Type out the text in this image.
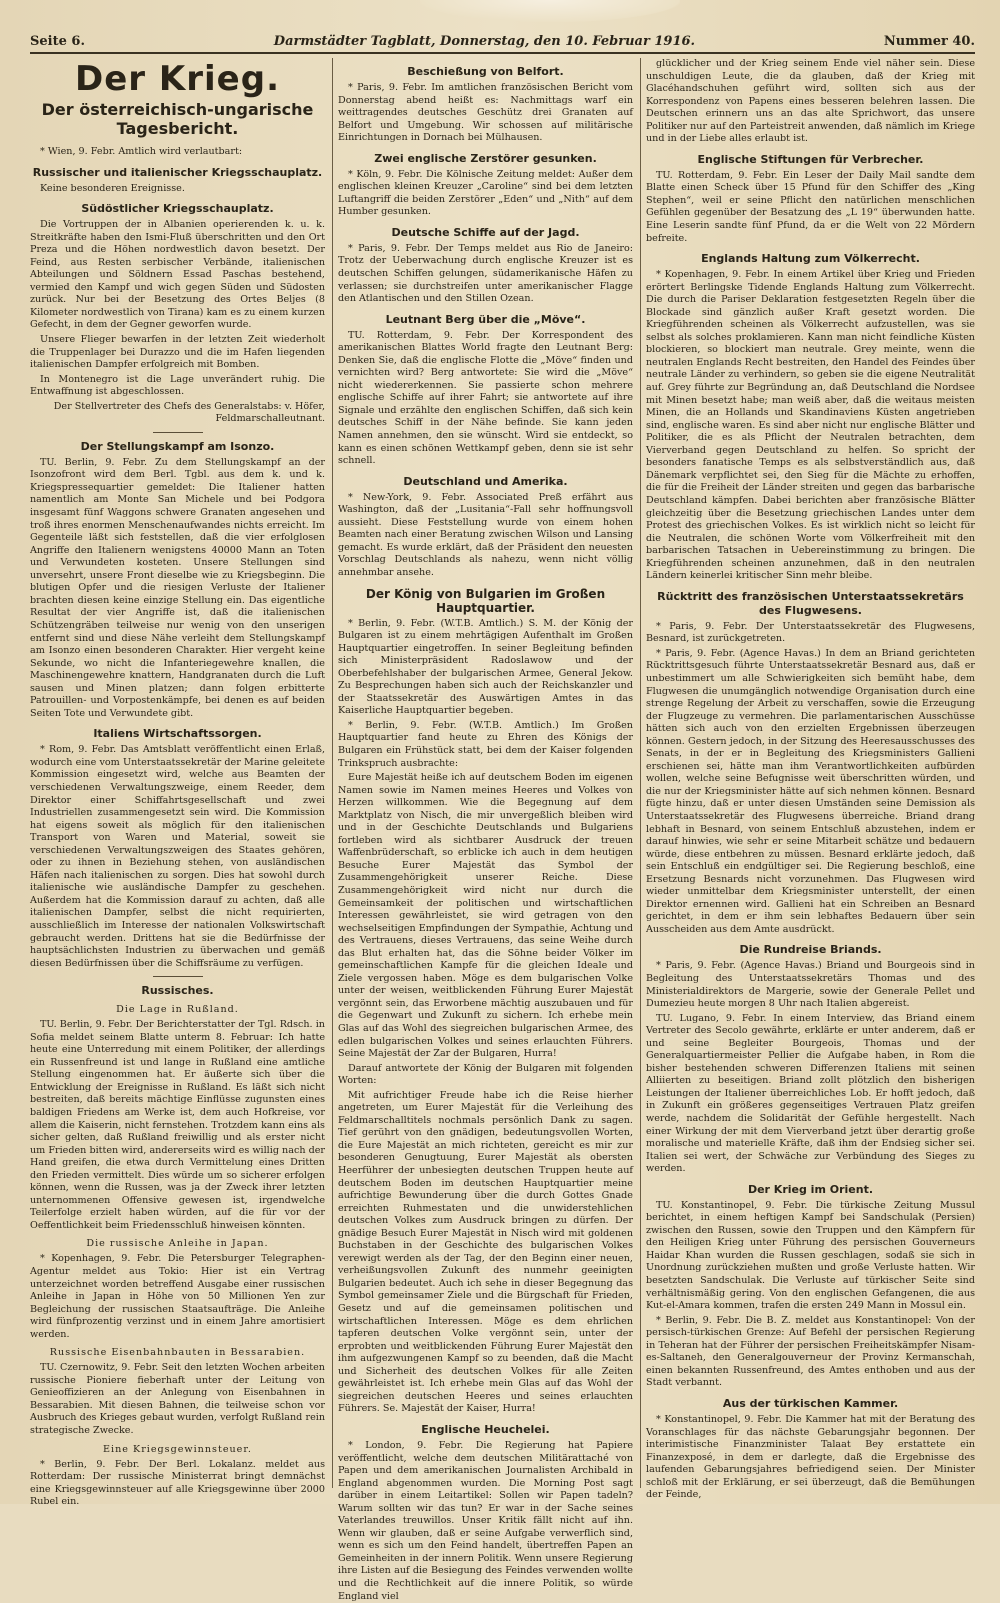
Seite 6.	Darmstädter Tagblatt, Donnerstag, den 10. Februar 1916.	Nummer 40.
Der Krieg.
Der österreichisch-ungarische Tagesbericht.

* Wien, 9. Febr. Amtlich wird verlautbart:

Russischer und italienischer Kriegsschauplatz.

Keine besonderen Ereignisse.

Südöstlicher Kriegsschauplatz.

Die Vortruppen der in Albanien operierenden k. u. k. Streitkräfte haben den Ismi-Fluß überschritten und den Ort Preza und die Höhen nordwestlich davon besetzt. Der Feind, aus Resten serbischer Verbände, italienischen Abteilungen und Söldnern Essad Paschas bestehend, vermied den Kampf und wich gegen Süden und Südosten zurück. Nur bei der Besetzung des Ortes Beljes (8 Kilometer nordwestlich von Tirana) kam es zu einem kurzen Gefecht, in dem der Gegner geworfen wurde.

Unsere Flieger bewarfen in der letzten Zeit wiederholt die Truppenlager bei Durazzo und die im Hafen liegenden italienischen Dampfer erfolgreich mit Bomben.

In Montenegro ist die Lage unverändert ruhig. Die Entwaffnung ist abgeschlossen.

Der Stellvertreter des Chefs des Generalstabs: v. Höfer, Feldmarschalleutnant.

Der Stellungskampf am Isonzo.

TU. Berlin, 9. Febr. Zu dem Stellungskampf an der Isonzofront wird dem Berl. Tgbl. aus dem k. und k. Kriegspressequartier gemeldet: Die Italiener hatten namentlich am Monte San Michele und bei Podgora insgesamt fünf Waggons schwere Granaten angesehen und troß ihres enormen Menschenaufwandes nichts erreicht. Im Gegenteile läßt sich feststellen, daß die vier erfolglosen Angriffe den Italienern wenigstens 40000 Mann an Toten und Verwundeten kosteten. Unsere Stellungen sind unversehrt, unsere Front dieselbe wie zu Kriegsbeginn. Die blutigen Opfer und die riesigen Verluste der Italiener brachten diesen keine einzige Stellung ein. Das eigentliche Resultat der vier Angriffe ist, daß die italienischen Schützengräben teilweise nur wenig von den unserigen entfernt sind und diese Nähe verleiht dem Stellungskampf am Isonzo einen besonderen Charakter. Hier vergeht keine Sekunde, wo nicht die Infanteriegewehre knallen, die Maschinengewehre knattern, Handgranaten durch die Luft sausen und Minen platzen; dann folgen erbitterte Patrouillen- und Vorpostenkämpfe, bei denen es auf beiden Seiten Tote und Verwundete gibt.

Italiens Wirtschaftssorgen.

* Rom, 9. Febr. Das Amtsblatt veröffentlicht einen Erlaß, wodurch eine vom Unterstaatssekretär der Marine geleitete Kommission eingesetzt wird, welche aus Beamten der verschiedenen Verwaltungszweige, einem Reeder, dem Direktor einer Schiffahrtsgesellschaft und zwei Industriellen zusammengesetzt sein wird. Die Kommission hat eigens soweit als möglich für den italienischen Transport von Waren und Material, soweit sie verschiedenen Verwaltungszweigen des Staates gehören, oder zu ihnen in Beziehung stehen, von ausländischen Häfen nach italienischen zu sorgen. Dies hat sowohl durch italienische wie ausländische Dampfer zu geschehen. Außerdem hat die Kommission darauf zu achten, daß alle italienischen Dampfer, selbst die nicht requirierten, ausschließlich im Interesse der nationalen Volkswirtschaft gebraucht werden. Drittens hat sie die Bedürfnisse der hauptsächlichsten Industrien zu überwachen und gemäß diesen Bedürfnissen über die Schiffsräume zu verfügen.

Russisches.
Die Lage in Rußland.

TU. Berlin, 9. Febr. Der Berichterstatter der Tgl. Rdsch. in Sofia meldet seinem Blatte unterm 8. Februar: Ich hatte heute eine Unterredung mit einem Politiker, der allerdings ein Russenfreund ist und lange in Rußland eine amtliche Stellung eingenommen hat. Er äußerte sich über die Entwicklung der Ereignisse in Rußland. Es läßt sich nicht bestreiten, daß bereits mächtige Einflüsse zugunsten eines baldigen Friedens am Werke ist, dem auch Hofkreise, vor allem die Kaiserin, nicht fernstehen. Trotzdem kann eins als sicher gelten, daß Rußland freiwillig und als erster nicht um Frieden bitten wird, andererseits wird es willig nach der Hand greifen, die etwa durch Vermittelung eines Dritten den Frieden vermittelt. Dies würde um so sicherer erfolgen können, wenn die Russen, was ja der Zweck ihrer letzten unternommenen Offensive gewesen ist, irgendwelche Teilerfolge erzielt haben würden, auf die für vor der Oeffentlichkeit beim Friedensschluß hinweisen könnten.

Die russische Anleihe in Japan.

* Kopenhagen, 9. Febr. Die Petersburger Telegraphen-Agentur meldet aus Tokio: Hier ist ein Vertrag unterzeichnet worden betreffend Ausgabe einer russischen Anleihe in Japan in Höhe von 50 Millionen Yen zur Begleichung der russischen Staatsaufträge. Die Anleihe wird fünfprozentig verzinst und in einem Jahre amortisiert werden.

Russische Eisenbahnbauten in Bessarabien.

TU. Czernowitz, 9. Febr. Seit den letzten Wochen arbeiten russische Pioniere fieberhaft unter der Leitung von Genieoffizieren an der Anlegung von Eisenbahnen in Bessarabien. Mit diesen Bahnen, die teilweise schon vor Ausbruch des Krieges gebaut wurden, verfolgt Rußland rein strategische Zwecke.

Eine Kriegsgewinnsteuer.

* Berlin, 9. Febr. Der Berl. Lokalanz. meldet aus Rotterdam: Der russische Ministerrat bringt demnächst eine Kriegsgewinnsteuer auf alle Kriegsgewinne über 2000 Rubel ein.

Beschießung von Belfort.

* Paris, 9. Febr. Im amtlichen französischen Bericht vom Donnerstag abend heißt es: Nachmittags warf ein weittragendes deutsches Geschütz drei Granaten auf Belfort und Umgebung. Wir schossen auf militärische Einrichtungen in Dornach bei Mülhausen.

Zwei englische Zerstörer gesunken.

* Köln, 9. Febr. Die Kölnische Zeitung meldet: Außer dem englischen kleinen Kreuzer „Caroline“ sind bei dem letzten Luftangriff die beiden Zerstörer „Eden“ und „Nith“ auf dem Humber gesunken.

Deutsche Schiffe auf der Jagd.

* Paris, 9. Febr. Der Temps meldet aus Rio de Janeiro: Trotz der Ueberwachung durch englische Kreuzer ist es deutschen Schiffen gelungen, südamerikanische Häfen zu verlassen; sie durchstreifen unter amerikanischer Flagge den Atlantischen und den Stillen Ozean.

Leutnant Berg über die „Möve“.

TU. Rotterdam, 9. Febr. Der Korrespondent des amerikanischen Blattes World fragte den Leutnant Berg: Denken Sie, daß die englische Flotte die „Möve“ finden und vernichten wird? Berg antwortete: Sie wird die „Möve“ nicht wiedererkennen. Sie passierte schon mehrere englische Schiffe auf ihrer Fahrt; sie antwortete auf ihre Signale und erzählte den englischen Schiffen, daß sich kein deutsches Schiff in der Nähe befinde. Sie kann jeden Namen annehmen, den sie wünscht. Wird sie entdeckt, so kann es einen schönen Wettkampf geben, denn sie ist sehr schnell.

Deutschland und Amerika.

* New-York, 9. Febr. Associated Preß erfährt aus Washington, daß der „Lusitania“-Fall sehr hoffnungsvoll aussieht. Diese Feststellung wurde von einem hohen Beamten nach einer Beratung zwischen Wilson und Lansing gemacht. Es wurde erklärt, daß der Präsident den neuesten Vorschlag Deutschlands als nahezu, wenn nicht völlig annehmbar ansehe.

Der König von Bulgarien im Großen Hauptquartier.

* Berlin, 9. Febr. (W.T.B. Amtlich.) S. M. der König der Bulgaren ist zu einem mehrtägigen Aufenthalt im Großen Hauptquartier eingetroffen. In seiner Begleitung befinden sich Ministerpräsident Radoslawow und der Oberbefehlshaber der bulgarischen Armee, General Jekow. Zu Besprechungen haben sich auch der Reichskanzler und der Staatssekretär des Auswärtigen Amtes in das Kaiserliche Hauptquartier begeben.

* Berlin, 9. Febr. (W.T.B. Amtlich.) Im Großen Hauptquartier fand heute zu Ehren des Königs der Bulgaren ein Frühstück statt, bei dem der Kaiser folgenden Trinkspruch ausbrachte:

Eure Majestät heiße ich auf deutschem Boden im eigenen Namen sowie im Namen meines Heeres und Volkes von Herzen willkommen. Wie die Begegnung auf dem Marktplatz von Nisch, die mir unvergeßlich bleiben wird und in der Geschichte Deutschlands und Bulgariens fortleben wird als sichtbarer Ausdruck der treuen Waffenbrüderschaft, so erblicke ich auch in dem heutigen Besuche Eurer Majestät das Symbol der Zusammengehörigkeit unserer Reiche. Diese Zusammengehörigkeit wird nicht nur durch die Gemeinsamkeit der politischen und wirtschaftlichen Interessen gewährleistet, sie wird getragen von den wechselseitigen Empfindungen der Sympathie, Achtung und des Vertrauens, dieses Vertrauens, das seine Weihe durch das Blut erhalten hat, das die Söhne beider Völker im gemeinschaftlichen Kampfe für die gleichen Ideale und Ziele vergossen haben. Möge es dem bulgarischen Volke unter der weisen, weitblickenden Führung Eurer Majestät vergönnt sein, das Erworbene mächtig auszubauen und für die Gegenwart und Zukunft zu sichern. Ich erhebe mein Glas auf das Wohl des siegreichen bulgarischen Armee, des edlen bulgarischen Volkes und seines erlauchten Führers. Seine Majestät der Zar der Bulgaren, Hurra!

Darauf antwortete der König der Bulgaren mit folgenden Worten:

Mit aufrichtiger Freude habe ich die Reise hierher angetreten, um Eurer Majestät für die Verleihung des Feldmarschalltitels nochmals persönlich Dank zu sagen. Tief gerührt von den gnädigen, bedeutungsvollen Worten, die Eure Majestät an mich richteten, gereicht es mir zur besonderen Genugtuung, Eurer Majestät als obersten Heerführer der unbesiegten deutschen Truppen heute auf deutschem Boden im deutschen Hauptquartier meine aufrichtige Bewunderung über die durch Gottes Gnade erreichten Ruhmestaten und die unwiderstehlichen deutschen Volkes zum Ausdruck bringen zu dürfen. Der gnädige Besuch Eurer Majestät in Nisch wird mit goldenen Buchstaben in der Geschichte des bulgarischen Volkes verewigt werden als der Tag, der den Beginn einer neuen, verheißungsvollen Zukunft des nunmehr geeinigten Bulgarien bedeutet. Auch ich sehe in dieser Begegnung das Symbol gemeinsamer Ziele und die Bürgschaft für Frieden, Gesetz und auf die gemeinsamen politischen und wirtschaftlichen Interessen. Möge es dem ehrlichen tapferen deutschen Volke vergönnt sein, unter der erprobten und weitblickenden Führung Eurer Majestät den ihm aufgezwungenen Kampf so zu beenden, daß die Macht und Sicherheit des deutschen Volkes für alle Zeiten gewährleistet ist. Ich erhebe mein Glas auf das Wohl der siegreichen deutschen Heeres und seines erlauchten Führers. Se. Majestät der Kaiser, Hurra!

Englische Heuchelei.

* London, 9. Febr. Die Regierung hat Papiere veröffentlicht, welche dem deutschen Militärattaché von Papen und dem amerikanischen Journalisten Archibald in England abgenommen wurden. Die Morning Post sagt darüber in einem Leitartikel: Sollen wir Papen tadeln? Warum sollten wir das tun? Er war in der Sache seines Vaterlandes treuwillos. Unser Kritik fällt nicht auf ihn. Wenn wir glauben, daß er seine Aufgabe verwerflich sind, wenn es sich um den Feind handelt, übertreffen Papen an Gemeinheiten in der innern Politik. Wenn unsere Regierung ihre Listen auf die Besiegung des Feindes verwenden wollte und die Rechtlichkeit auf die innere Politik, so würde England viel

glücklicher und der Krieg seinem Ende viel näher sein. Diese unschuldigen Leute, die da glauben, daß der Krieg mit Glacéhandschuhen geführt wird, sollten sich aus der Korrespondenz von Papens eines besseren belehren lassen. Die Deutschen erinnern uns an das alte Sprichwort, das unsere Politiker nur auf den Parteistreit anwenden, daß nämlich im Kriege und in der Liebe alles erlaubt ist.

Englische Stiftungen für Verbrecher.

TU. Rotterdam, 9. Febr. Ein Leser der Daily Mail sandte dem Blatte einen Scheck über 15 Pfund für den Schiffer des „King Stephen“, weil er seine Pflicht den natürlichen menschlichen Gefühlen gegenüber der Besatzung des „L 19“ überwunden hatte. Eine Leserin sandte fünf Pfund, da er die Welt von 22 Mördern befreite.

Englands Haltung zum Völkerrecht.

* Kopenhagen, 9. Febr. In einem Artikel über Krieg und Frieden erörtert Berlingske Tidende Englands Haltung zum Völkerrecht. Die durch die Pariser Deklaration festgesetzten Regeln über die Blockade sind gänzlich außer Kraft gesetzt worden. Die Kriegführenden scheinen als Völkerrecht aufzustellen, was sie selbst als solches proklamieren. Kann man nicht feindliche Küsten blockieren, so blockiert man neutrale. Grey meinte, wenn die neutralen Englands Recht bestreiten, den Handel des Feindes über neutrale Länder zu verhindern, so geben sie die eigene Neutralität auf. Grey führte zur Begründung an, daß Deutschland die Nordsee mit Minen besetzt habe; man weiß aber, daß die weitaus meisten Minen, die an Hollands und Skandinaviens Küsten angetrieben sind, englische waren. Es sind aber nicht nur englische Blätter und Politiker, die es als Pflicht der Neutralen betrachten, dem Vierverband gegen Deutschland zu helfen. So spricht der besonders fanatische Temps es als selbstverständlich aus, daß Dänemark verpflichtet sei, den Sieg für die Mächte zu erhoffen, die für die Freiheit der Länder streiten und gegen das barbarische Deutschland kämpfen. Dabei berichten aber französische Blätter gleichzeitig über die Besetzung griechischen Landes unter dem Protest des griechischen Volkes. Es ist wirklich nicht so leicht für die Neutralen, die schönen Worte vom Völkerfreiheit mit den barbarischen Tatsachen in Uebereinstimmung zu bringen. Die Kriegführenden scheinen anzunehmen, daß in den neutralen Ländern keinerlei kritischer Sinn mehr bleibe.

Rücktritt des französischen Unterstaatssekretärs des Flugwesens.

* Paris, 9. Febr. Der Unterstaatssekretär des Flugwesens, Besnard, ist zurückgetreten.

* Paris, 9. Febr. (Agence Havas.) In dem an Briand gerichteten Rücktrittsgesuch führte Unterstaatssekretär Besnard aus, daß er unbestimmert um alle Schwierigkeiten sich bemüht habe, dem Flugwesen die unumgänglich notwendige Organisation durch eine strenge Regelung der Arbeit zu verschaffen, sowie die Erzeugung der Flugzeuge zu vermehren. Die parlamentarischen Ausschüsse hätten sich auch von den erzielten Ergebnissen überzeugen können. Gestern jedoch, in der Sitzung des Heeresausschusses des Senats, in der er in Begleitung des Kriegsministers Gallieni erschienen sei, hätte man ihm Verantwortlichkeiten aufbürden wollen, welche seine Befugnisse weit überschritten würden, und die nur der Kriegsminister hätte auf sich nehmen können. Besnard fügte hinzu, daß er unter diesen Umständen seine Demission als Unterstaatssekretär des Flugwesens überreiche. Briand drang lebhaft in Besnard, von seinem Entschluß abzustehen, indem er darauf hinwies, wie sehr er seine Mitarbeit schätze und bedauern würde, diese entbehren zu müssen. Besnard erklärte jedoch, daß sein Entschluß ein endgültiger sei. Die Regierung beschloß, eine Ersetzung Besnards nicht vorzunehmen. Das Flugwesen wird wieder unmittelbar dem Kriegsminister unterstellt, der einen Direktor ernennen wird. Gallieni hat ein Schreiben an Besnard gerichtet, in dem er ihm sein lebhaftes Bedauern über sein Ausscheiden aus dem Amte ausdrückt.

Die Rundreise Briands.

* Paris, 9. Febr. (Agence Havas.) Briand und Bourgeois sind in Begleitung des Unterstaatssekretärs Thomas und des Ministerialdirektors de Margerie, sowie der Generale Pellet und Dumezieu heute morgen 8 Uhr nach Italien abgereist.

TU. Lugano, 9. Febr. In einem Interview, das Briand einem Vertreter des Secolo gewährte, erklärte er unter anderem, daß er und seine Begleiter Bourgeois, Thomas und der Generalquartiermeister Pellier die Aufgabe haben, in Rom die bisher bestehenden schweren Differenzen Italiens mit seinen Alliierten zu beseitigen. Briand zollt plötzlich den bisherigen Leistungen der Italiener überreichliches Lob. Er hofft jedoch, daß in Zukunft ein größeres gegenseitiges Vertrauen Platz greifen werde, nachdem die Solidarität der Gefühle hergestellt. Nach einer Wirkung der mit dem Vierverband jetzt über derartig große moralische und materielle Kräfte, daß ihm der Endsieg sicher sei. Italien sei wert, der Schwäche zur Verbündung des Sieges zu werden.

Der Krieg im Orient.

TU. Konstantinopel, 9. Febr. Die türkische Zeitung Mussul berichtet, in einem heftigen Kampf bei Sandschulak (Persien) zwischen den Russen, sowie den Truppen und den Kämpfern für den Heiligen Krieg unter Führung des persischen Gouverneurs Haidar Khan wurden die Russen geschlagen, sodaß sie sich in Unordnung zurückziehen mußten und große Verluste hatten. Wir besetzten Sandschulak. Die Verluste auf türkischer Seite sind verhältnismäßig gering. Von den englischen Gefangenen, die aus Kut-el-Amara kommen, trafen die ersten 249 Mann in Mossul ein.

* Berlin, 9. Febr. Die B. Z. meldet aus Konstantinopel: Von der persisch-türkischen Grenze: Auf Befehl der persischen Regierung in Teheran hat der Führer der persischen Freiheitskämpfer Nisam-es-Saltaneh, den Generalgouverneur der Provinz Kermanschah, einen bekannten Russenfreund, des Amtes enthoben und aus der Stadt verbannt.

Aus der türkischen Kammer.

* Konstantinopel, 9. Febr. Die Kammer hat mit der Beratung des Voranschlages für das nächste Gebarungsjahr begonnen. Der interimistische Finanzminister Talaat Bey erstattete ein Finanzexposé, in dem er darlegte, daß die Ergebnisse des laufenden Gebarungsjahres befriedigend seien. Der Minister schloß mit der Erklärung, er sei überzeugt, daß die Bemühungen der Feinde,
